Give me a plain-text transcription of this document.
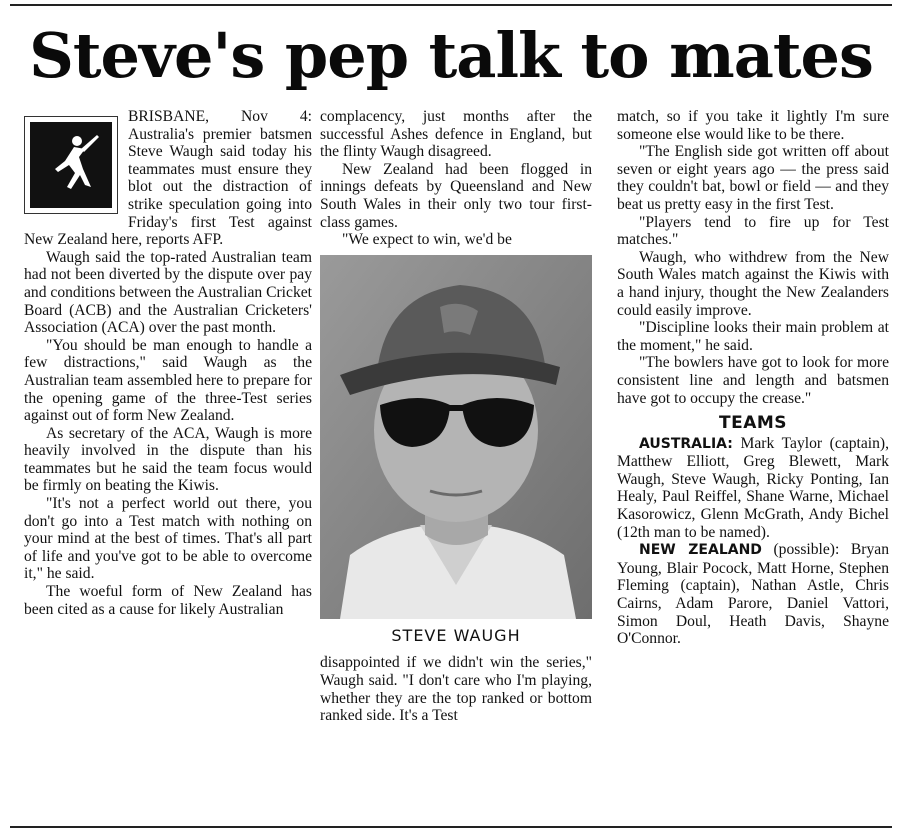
Steve's pep talk to mates

BRISBANE, Nov 4: Australia's premier batsmen Steve Waugh said today his teammates must ensure they blot out the distraction of strike speculation going into Friday's first Test against New Zealand here, reports AFP.

Waugh said the top-rated Australian team had not been diverted by the dispute over pay and conditions between the Australian Cricket Board (ACB) and the Australian Cricketers' Association (ACA) over the past month.

"You should be man enough to handle a few distractions," said Waugh as the Australian team assembled here to prepare for the opening game of the three-Test series against out of form New Zealand.

As secretary of the ACA, Waugh is more heavily involved in the dispute than his teammates but he said the team focus would be firmly on beating the Kiwis.

"It's not a perfect world out there, you don't go into a Test match with nothing on your mind at the best of times. That's all part of life and you've got to be able to overcome it," he said.

The woeful form of New Zealand has been cited as a cause for likely Australian

complacency, just months after the successful Ashes defence in England, but the flinty Waugh disagreed.

New Zealand had been flogged in innings defeats by Queensland and New South Wales in their only two tour first-class games.

"We expect to win, we'd be

STEVE WAUGH

disappointed if we didn't win the series," Waugh said. "I don't care who I'm playing, whether they are the top ranked or bottom ranked side. It's a Test

match, so if you take it lightly I'm sure someone else would like to be there.

"The English side got written off about seven or eight years ago — the press said they couldn't bat, bowl or field — and they beat us pretty easy in the first Test.

"Players tend to fire up for Test matches."

Waugh, who withdrew from the New South Wales match against the Kiwis with a hand injury, thought the New Zealanders could easily improve.

"Discipline looks their main problem at the moment," he said.

"The bowlers have got to look for more consistent line and length and batsmen have got to occupy the crease."

TEAMS

AUSTRALIA: Mark Taylor (captain), Matthew Elliott, Greg Blewett, Mark Waugh, Steve Waugh, Ricky Ponting, Ian Healy, Paul Reiffel, Shane Warne, Michael Kasorowicz, Glenn McGrath, Andy Bichel (12th man to be named).

NEW ZEALAND (possible): Bryan Young, Blair Pocock, Matt Horne, Stephen Fleming (captain), Nathan Astle, Chris Cairns, Adam Parore, Daniel Vattori, Simon Doul, Heath Davis, Shayne O'Connor.
